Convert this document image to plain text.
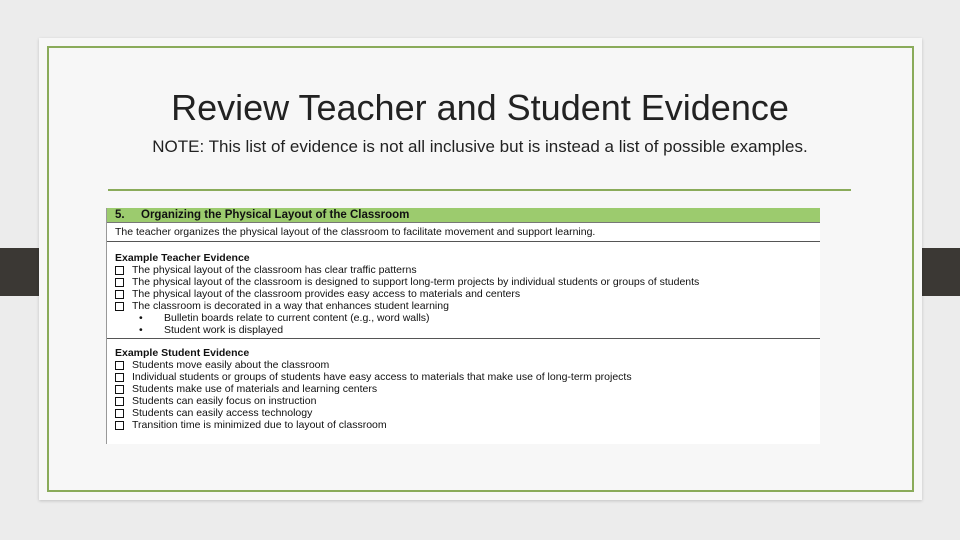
Review Teacher and Student Evidence
NOTE: This list of evidence is not all inclusive but is instead a list of possible examples.
5.	Organizing the Physical Layout of the Classroom
The teacher organizes the physical layout of the classroom to facilitate movement and support learning.
Example Teacher Evidence
The physical layout of the classroom has clear traffic patterns
The physical layout of the classroom is designed to support long-term projects by individual students or groups of students
The physical layout of the classroom provides easy access to materials and centers
The classroom is decorated in a way that enhances student learning
•	Bulletin boards relate to current content (e.g., word walls)
•	Student work is displayed
Example Student Evidence
Students move easily about the classroom
Individual students or groups of students have easy access to materials that make use of long-term projects
Students make use of materials and learning centers
Students can easily focus on instruction
Students can easily access technology
Transition time is minimized due to layout of classroom
